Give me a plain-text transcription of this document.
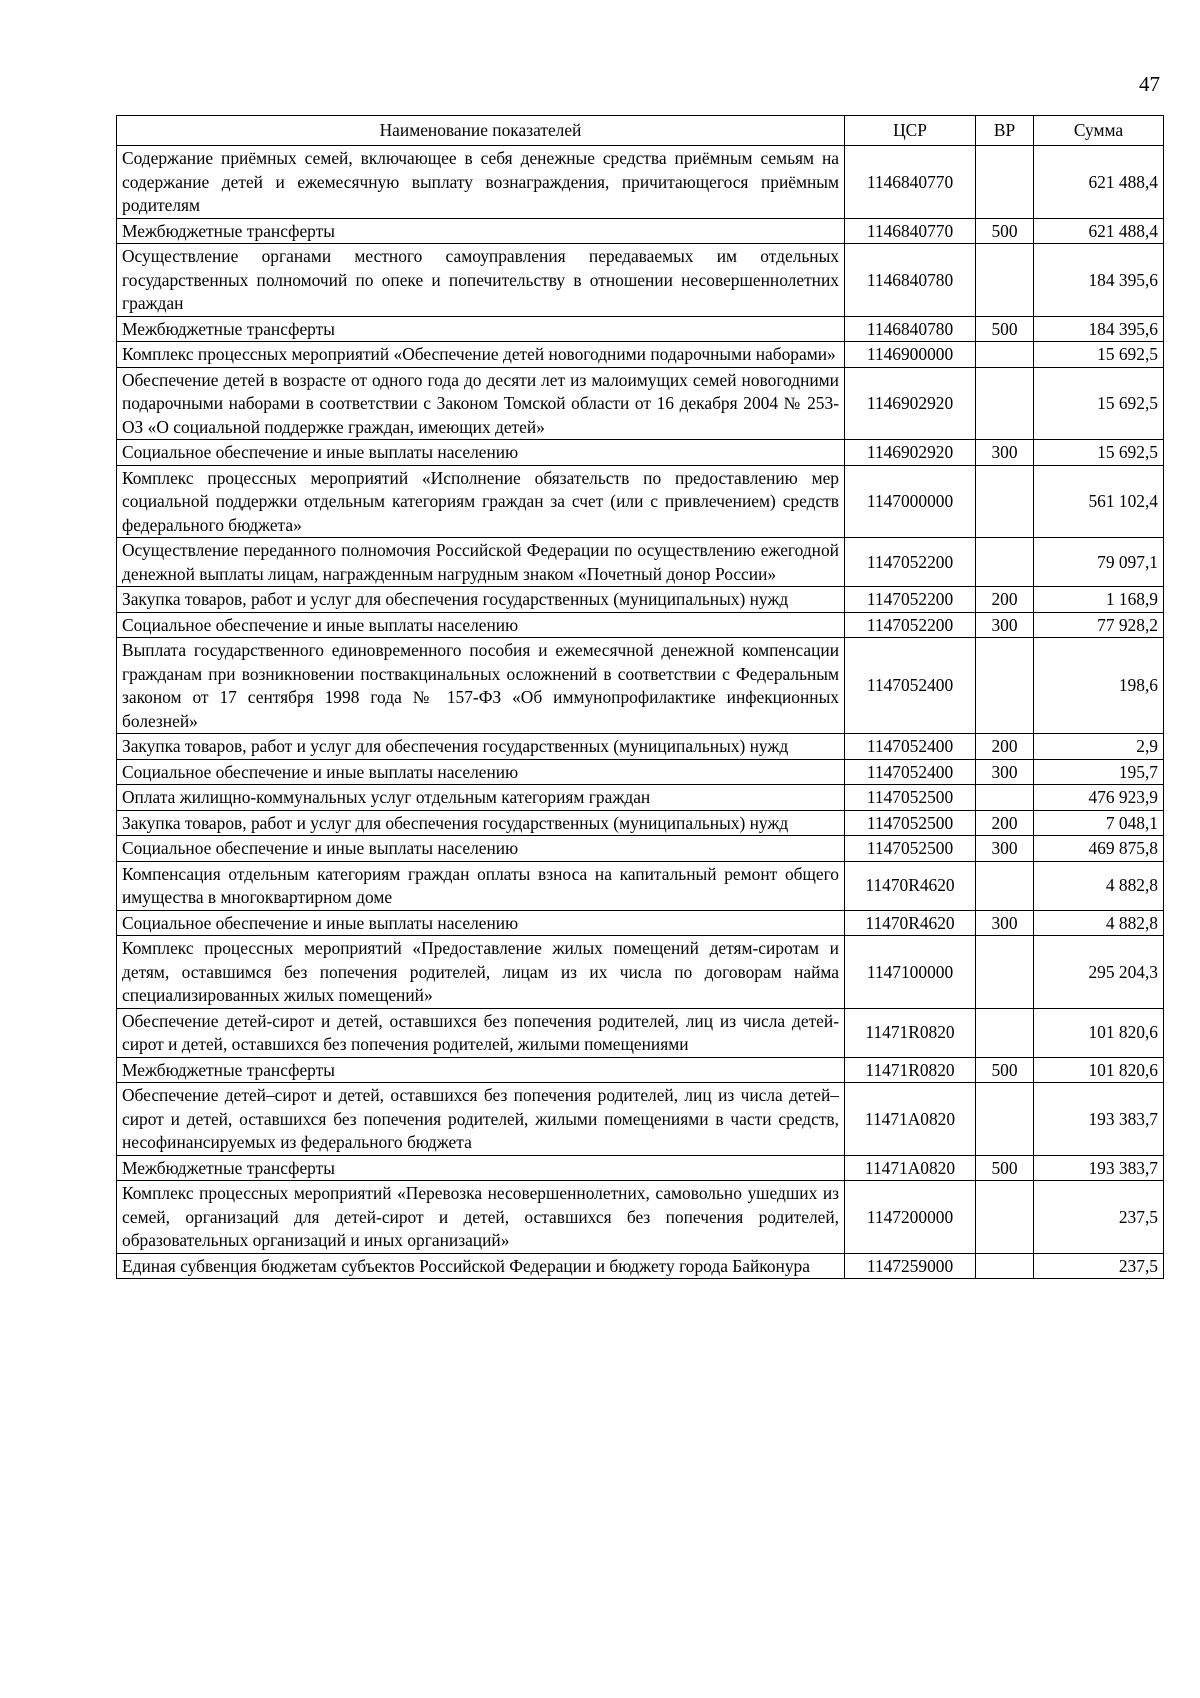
47
Наименование показателей	ЦСР	ВР	Сумма
Содержание приёмных семей, включающее в себя денежные средства приёмным семьям на содержание детей и ежемесячную выплату вознаграждения, причитающегося приёмным родителям	1146840770		621 488,4
Межбюджетные трансферты	1146840770	500	621 488,4
Осуществление органами местного самоуправления передаваемых им отдельных государственных полномочий по опеке и попечительству в отношении несовершеннолетних граждан	1146840780		184 395,6
Межбюджетные трансферты	1146840780	500	184 395,6
Комплекс процессных мероприятий «Обеспечение детей новогодними подарочными наборами»	1146900000		15 692,5
Обеспечение детей в возрасте от одного года до десяти лет из малоимущих семей новогодними подарочными наборами в соответствии с Законом Томской области от 16 декабря 2004 № 253-ОЗ «О социальной поддержке граждан, имеющих детей»	1146902920		15 692,5
Социальное обеспечение и иные выплаты населению	1146902920	300	15 692,5
Комплекс процессных мероприятий «Исполнение обязательств по предоставлению мер социальной поддержки отдельным категориям граждан за счет (или с привлечением) средств федерального бюджета»	1147000000		561 102,4
Осуществление переданного полномочия Российской Федерации по осуществлению ежегодной денежной выплаты лицам, награжденным нагрудным знаком «Почетный донор России»	1147052200		79 097,1
Закупка товаров, работ и услуг для обеспечения государственных (муниципальных) нужд	1147052200	200	1 168,9
Социальное обеспечение и иные выплаты населению	1147052200	300	77 928,2
Выплата государственного единовременного пособия и ежемесячной денежной компенсации гражданам при возникновении поствакцинальных осложнений в соответствии с Федеральным законом от 17 сентября 1998 года № 157-ФЗ «Об иммунопрофилактике инфекционных болезней»	1147052400		198,6
Закупка товаров, работ и услуг для обеспечения государственных (муниципальных) нужд	1147052400	200	2,9
Социальное обеспечение и иные выплаты населению	1147052400	300	195,7
Оплата жилищно-коммунальных услуг отдельным категориям граждан	1147052500		476 923,9
Закупка товаров, работ и услуг для обеспечения государственных (муниципальных) нужд	1147052500	200	7 048,1
Социальное обеспечение и иные выплаты населению	1147052500	300	469 875,8
Компенсация отдельным категориям граждан оплаты взноса на капитальный ремонт общего имущества в многоквартирном доме	11470R4620		4 882,8
Социальное обеспечение и иные выплаты населению	11470R4620	300	4 882,8
Комплекс процессных мероприятий «Предоставление жилых помещений детям-сиротам и детям, оставшимся без попечения родителей, лицам из их числа по договорам найма специализированных жилых помещений»	1147100000		295 204,3
Обеспечение детей-сирот и детей, оставшихся без попечения родителей, лиц из числа детей-сирот и детей, оставшихся без попечения родителей, жилыми помещениями	11471R0820		101 820,6
Межбюджетные трансферты	11471R0820	500	101 820,6
Обеспечение детей–сирот и детей, оставшихся без попечения родителей, лиц из числа детей–сирот и детей, оставшихся без попечения родителей, жилыми помещениями в части средств, несофинансируемых из федерального бюджета	11471А0820		193 383,7
Межбюджетные трансферты	11471А0820	500	193 383,7
Комплекс процессных мероприятий «Перевозка несовершеннолетних, самовольно ушедших из семей, организаций для детей-сирот и детей, оставшихся без попечения родителей, образовательных организаций и иных организаций»	1147200000		237,5
Единая субвенция бюджетам субъектов Российской Федерации и бюджету города Байконура	1147259000		237,5
